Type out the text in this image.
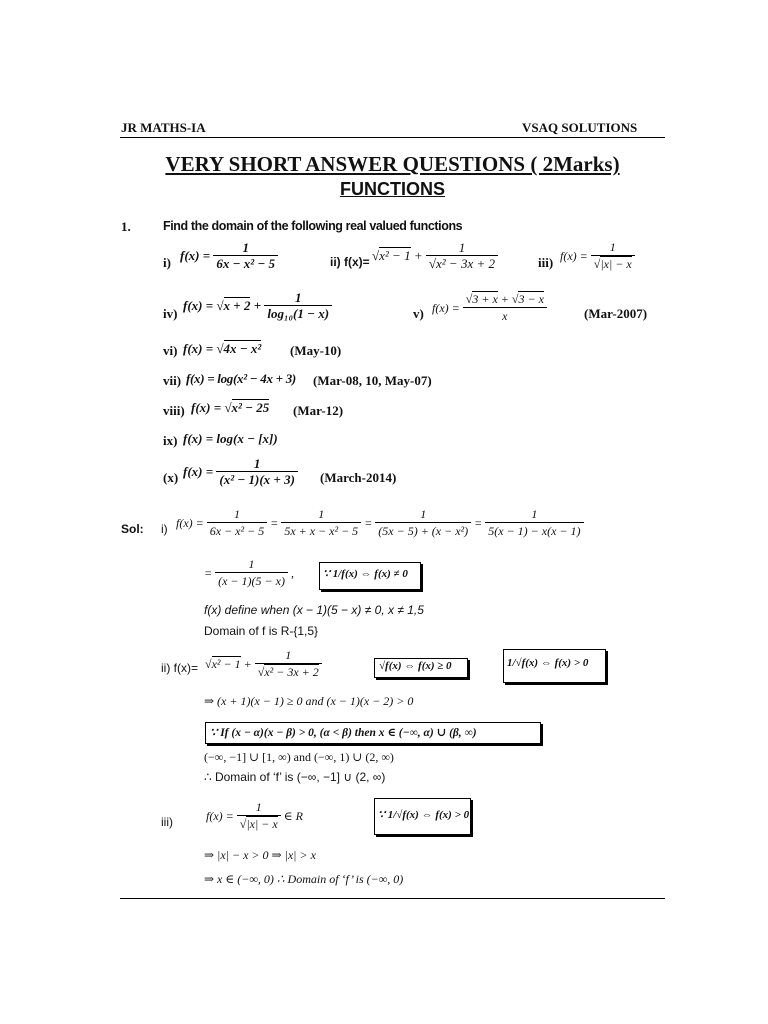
JR MATHS-IA	VSAQ SOLUTIONS
VERY SHORT ANSWER QUESTIONS ( 2Marks)
FUNCTIONS
1.	Find the domain of the following real valued functions
i) $f(x) = \frac{1}{\text{6x − x² − 5}}$	ii) $f(x)= √x^2 - 1 + \frac{1}{\text{√x² − 3x + 2}}$	iii) $f(x) = \frac{1}{√|x| - x}$
iv)
$f(x) = √x + 2 + \frac{1}{\text{log₁₀(1 − x)}}$	v) $f(x) = \frac{√3 + x + √3 - x}{x}$	(Mar-2007)
vi) f(x) = √4x − x² (May-10)
vii) f(x) = log(x² − 4x + 3) (Mar-08, 10, May-07)
viii) f(x) = √x² − 25 (Mar-12)
ix) f(x) = log(x − [x])
(x) $f(x) = \frac{1}{\text{(x² − 1)(x + 3)}}$ (March-2014)
Sol: i) $f(x) = \frac{1}{\text{6x − x² − 5}} = \frac{1}{\text{5x + x − x² − 5}} = \frac{1}{\text{(5x − 5) + (x − x²)}} = \frac{1}{5(x - 1) - x(x - 1)}$
= $\frac{1}{(x - 1)(5 - x)}$ ,	∵ 1/f(x) ⇔ f(x) ≠ 0
f(x) define when (x − 1)(5 − x) ≠ 0, x ≠ 1,5
Domain of f is R-{1,5}
ii) $f(x)= √x^2 - 1 + \frac{1}{\text{√x² − 3x + 2}}$	√f(x) ⇔ f(x) ≥ 0	1/√f(x) ⇔ f(x) > 0
⇒ (x + 1)(x − 1) ≥ 0 and (x − 1)(x − 2) > 0
∵ If (x − α)(x − β) > 0, (α < β) then x ∈ (−∞, α) ∪ (β, ∞)
(−∞, −1] ∪ [1, ∞) and (−∞, 1) ∪ (2, ∞)
∴ Domain of ‘f’ is (−∞, −1] ∪ (2, ∞)
iii)	$f(x) = \frac{1}{√|x| - x}$ ∈ R	∵ 1/√f(x) ⇔ f(x) > 0
⇒ |x| − x > 0 ⇒ |x| > x
⇒ x ∈ (−∞, 0) ∴ Domain of ‘f’ is (−∞, 0)
